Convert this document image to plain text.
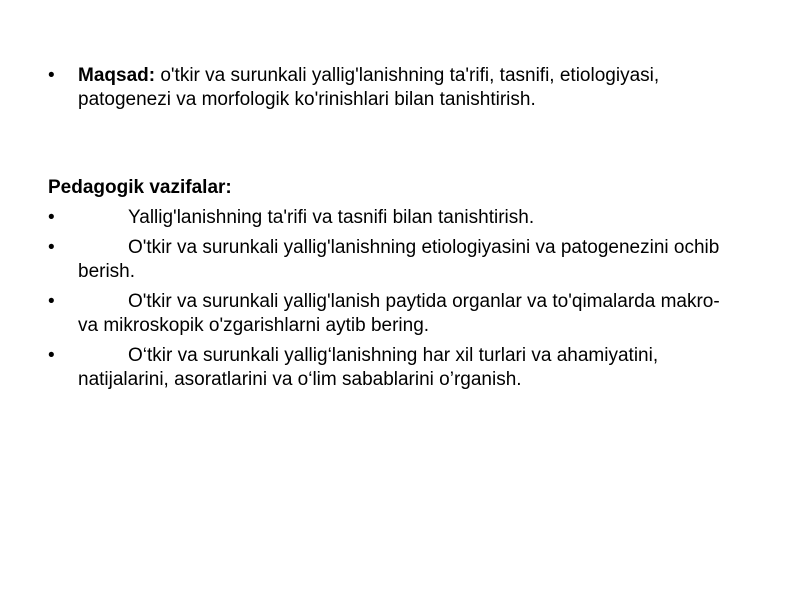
•	Maqsad: o'tkir va surunkali yallig'lanishning ta'rifi, tasnifi, etiologiyasi, patogenezi va morfologik ko'rinishlari bilan tanishtirish.
Pedagogik vazifalar:
•	Yallig'lanishning ta'rifi va tasnifi bilan tanishtirish.
•	O'tkir va surunkali yallig'lanishning etiologiyasini va patogenezini ochib berish.
•	O'tkir va surunkali yallig'lanish paytida organlar va to'qimalarda makro- va mikroskopik o'zgarishlarni aytib bering.
•	O‘tkir va surunkali yallig‘lanishning har xil turlari va ahamiyatini, natijalarini, asoratlarini va o‘lim sabablarini o’rganish.
